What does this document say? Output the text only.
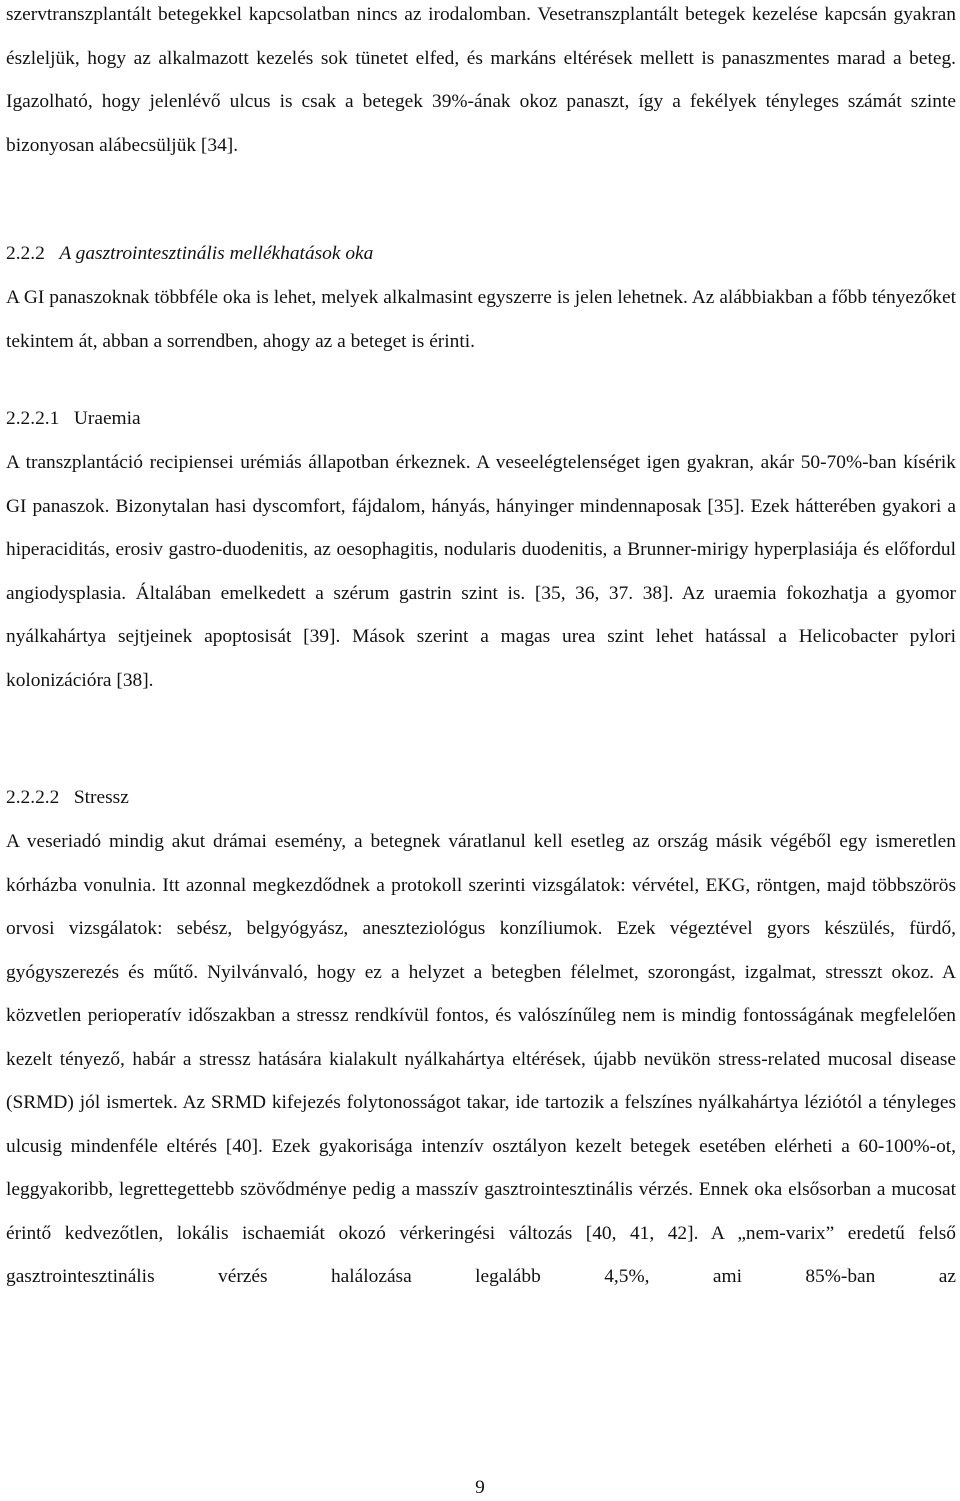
szervtranszplantált betegekkel kapcsolatban nincs az irodalomban. Vesetranszplantált betegek kezelése kapcsán gyakran észleljük, hogy az alkalmazott kezelés sok tünetet elfed, és markáns eltérések mellett is panaszmentes marad a beteg. Igazolható, hogy jelenlévő ulcus is csak a betegek 39%-ának okoz panaszt, így a fekélyek tényleges számát szinte bizonyosan alábecsüljük [34].

2.2.2 A gasztrointesztinális mellékhatások oka

A GI panaszoknak többféle oka is lehet, melyek alkalmasint egyszerre is jelen lehetnek. Az alábbiakban a főbb tényezőket tekintem át, abban a sorrendben, ahogy az a beteget is érinti.

2.2.2.1 Uraemia

A transzplantáció recipiensei urémiás állapotban érkeznek. A veseelégtelenséget igen gyakran, akár 50-70%-ban kísérik GI panaszok. Bizonytalan hasi dyscomfort, fájdalom, hányás, hányinger mindennaposak [35]. Ezek hátterében gyakori a hiperaciditás, erosiv gastro-duodenitis, az oesophagitis, nodularis duodenitis, a Brunner-mirigy hyperplasiája és előfordul angiodysplasia. Általában emelkedett a szérum gastrin szint is. [35, 36, 37. 38]. Az uraemia fokozhatja a gyomor nyálkahártya sejtjeinek apoptosisát [39]. Mások szerint a magas urea szint lehet hatással a Helicobacter pylori kolonizációra [38].

2.2.2.2 Stressz

A veseriadó mindig akut drámai esemény, a betegnek váratlanul kell esetleg az ország másik végéből egy ismeretlen kórházba vonulnia. Itt azonnal megkezdődnek a protokoll szerinti vizsgálatok: vérvétel, EKG, röntgen, majd többszörös orvosi vizsgálatok: sebész, belgyógyász, aneszteziológus konzíliumok. Ezek végeztével gyors készülés, fürdő, gyógyszerezés és műtő. Nyilvánvaló, hogy ez a helyzet a betegben félelmet, szorongást, izgalmat, stresszt okoz. A közvetlen perioperatív időszakban a stressz rendkívül fontos, és valószínűleg nem is mindig fontosságának megfelelően kezelt tényező, habár a stressz hatására kialakult nyálkahártya eltérések, újabb nevükön stress-related mucosal disease (SRMD) jól ismertek. Az SRMD kifejezés folytonosságot takar, ide tartozik a felszínes nyálkahártya léziótól a tényleges ulcusig mindenféle eltérés [40]. Ezek gyakorisága intenzív osztályon kezelt betegek esetében elérheti a 60-100%-ot, leggyakoribb, legrettegettebb szövődménye pedig a masszív gasztrointesztinális vérzés. Ennek oka elsősorban a mucosat érintő kedvezőtlen, lokális ischaemiát okozó vérkeringési változás [40, 41, 42]. A „nem-varix” eredetű felső gasztrointesztinális vérzés halálozása legalább 4,5%, ami 85%-ban az

9
